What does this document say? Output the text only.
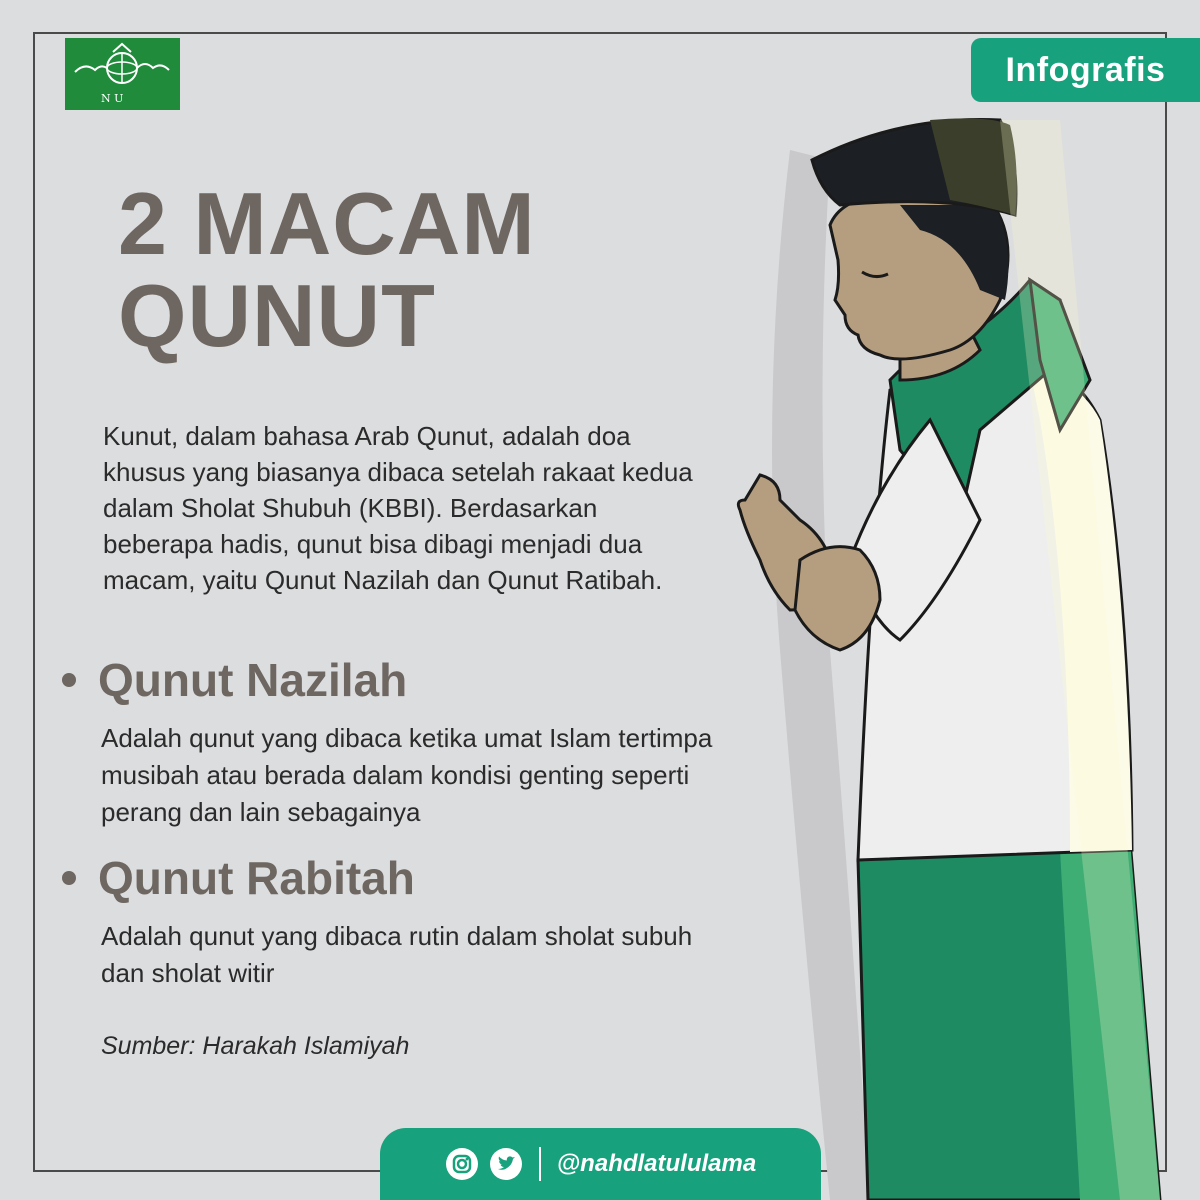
N U
Infografis
2 MACAM
QUNUT

Kunut, dalam bahasa Arab Qunut, adalah doa khusus yang biasanya dibaca setelah rakaat kedua dalam Sholat Shubuh (KBBI). Berdasarkan beberapa hadis, qunut bisa dibagi menjadi dua macam, yaitu Qunut Nazilah dan Qunut Ratibah.

Qunut Nazilah

Adalah qunut yang dibaca ketika umat Islam tertimpa musibah atau berada dalam kondisi genting seperti perang dan lain sebagainya

Qunut Rabitah

Adalah qunut yang dibaca rutin dalam sholat subuh dan sholat witir

Sumber: Harakah Islamiyah
@nahdlatululama
